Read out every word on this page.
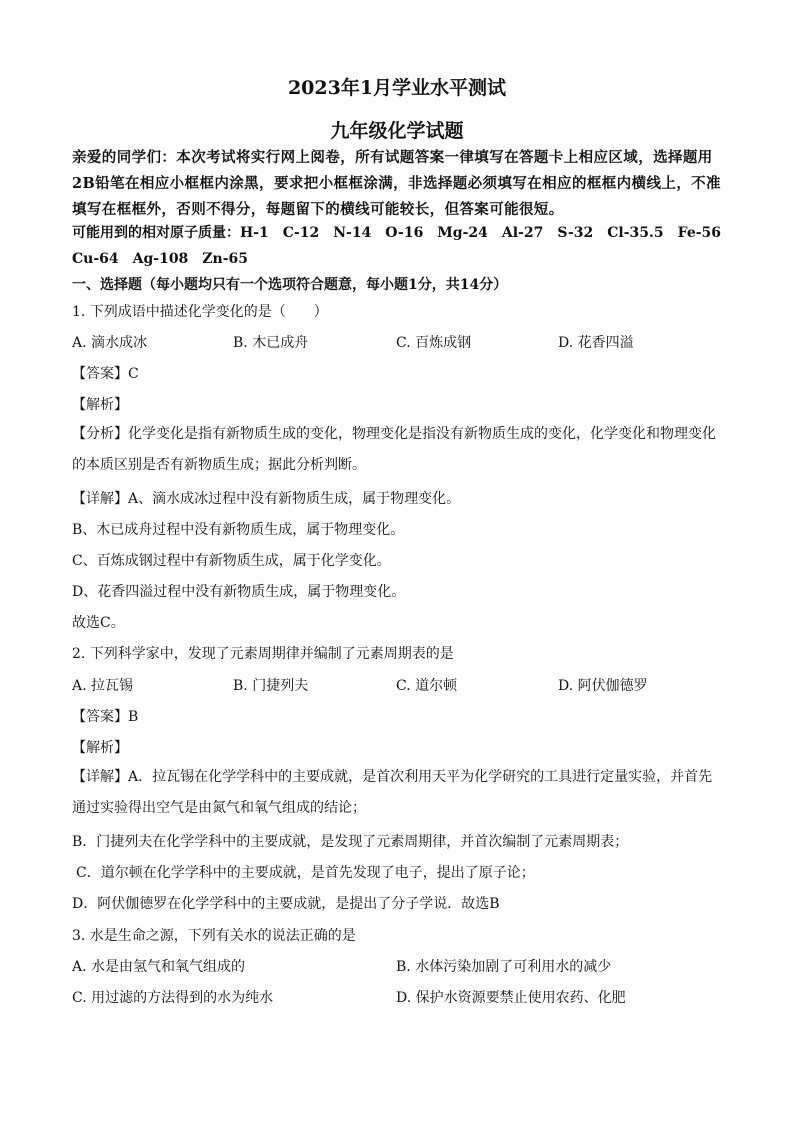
2023年1月学业水平测试
九年级化学试题
亲爱的同学们：本次考试将实行网上阅卷，所有试题答案一律填写在答题卡上相应区域，选择题用2B铅笔在相应小框框内涂黑，要求把小框框涂满，非选择题必须填写在相应的框框内横线上，不准填写在框框外，否则不得分，每题留下的横线可能较长，但答案可能很短。
可能用到的相对原子质量：H-1　C-12　N-14　O-16　Mg-24　Al-27　S-32　Cl-35.5　Fe-56
Cu-64　Ag-108　Zn-65
一、选择题（每小题均只有一个选项符合题意，每小题1分，共14分）
1. 下列成语中描述化学变化的是（　　）
A. 滴水成冰	B. 木已成舟	C. 百炼成钢	D. 花香四溢
【答案】C
【解析】
【分析】化学变化是指有新物质生成的变化，物理变化是指没有新物质生成的变化，化学变化和物理变化的本质区别是否有新物质生成；据此分析判断。
【详解】A、滴水成冰过程中没有新物质生成，属于物理变化。
B、木已成舟过程中没有新物质生成，属于物理变化。
C、百炼成钢过程中有新物质生成，属于化学变化。
D、花香四溢过程中没有新物质生成，属于物理变化。
故选C。
2. 下列科学家中，发现了元素周期律并编制了元素周期表的是
A. 拉瓦锡	B. 门捷列夫	C. 道尔顿	D. 阿伏伽德罗
【答案】B
【解析】
【详解】A．拉瓦锡在化学学科中的主要成就，是首次利用天平为化学研究的工具进行定量实验，并首先通过实验得出空气是由氮气和氧气组成的结论；
B．门捷列夫在化学学科中的主要成就，是发现了元素周期律，并首次编制了元素周期表；
C．道尔顿在化学学科中的主要成就，是首先发现了电子，提出了原子论；
D．阿伏伽德罗在化学学科中的主要成就，是提出了分子学说．故选B
3. 水是生命之源，下列有关水的说法正确的是
A. 水是由氢气和氧气组成的	B. 水体污染加剧了可利用水的减少
C. 用过滤的方法得到的水为纯水	D. 保护水资源要禁止使用农药、化肥
